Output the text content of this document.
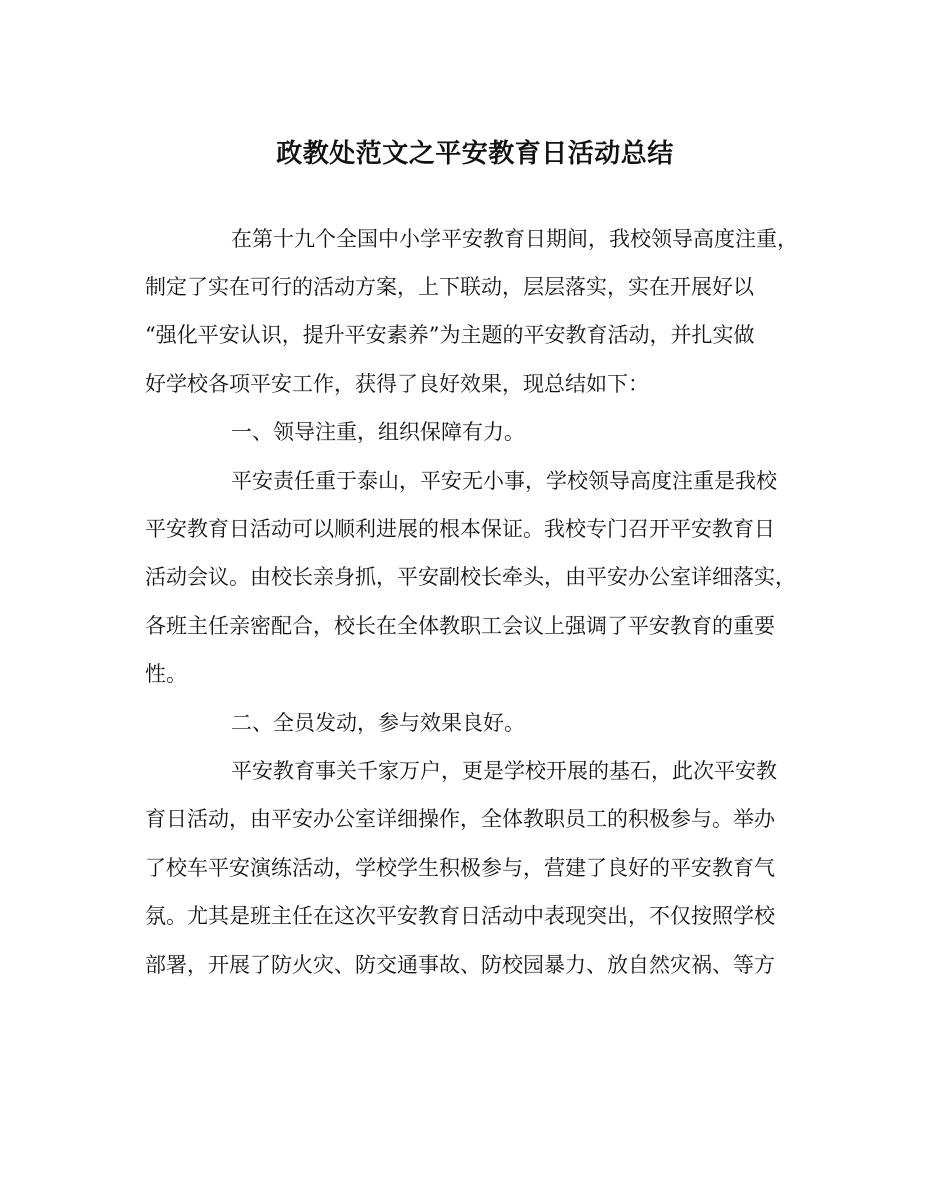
政教处范文之平安教育日活动总结
在第十九个全国中小学平安教育日期间，我校领导高度注重，
制定了实在可行的活动方案，上下联动，层层落实，实在开展好以
“强化平安认识，提升平安素养”为主题的平安教育活动，并扎实做
好学校各项平安工作，获得了良好效果，现总结如下：
一、领导注重，组织保障有力。
平安责任重于泰山，平安无小事，学校领导高度注重是我校
平安教育日活动可以顺利进展的根本保证。我校专门召开平安教育日
活动会议。由校长亲身抓，平安副校长牵头，由平安办公室详细落实，
各班主任亲密配合，校长在全体教职工会议上强调了平安教育的重要
性。
二、全员发动，参与效果良好。
平安教育事关千家万户，更是学校开展的基石，此次平安教
育日活动，由平安办公室详细操作，全体教职员工的积极参与。举办
了校车平安演练活动，学校学生积极参与，营建了良好的平安教育气
氛。尤其是班主任在这次平安教育日活动中表现突出，不仅按照学校
部署，开展了防火灾、防交通事故、防校园暴力、放自然灾祸、等方
